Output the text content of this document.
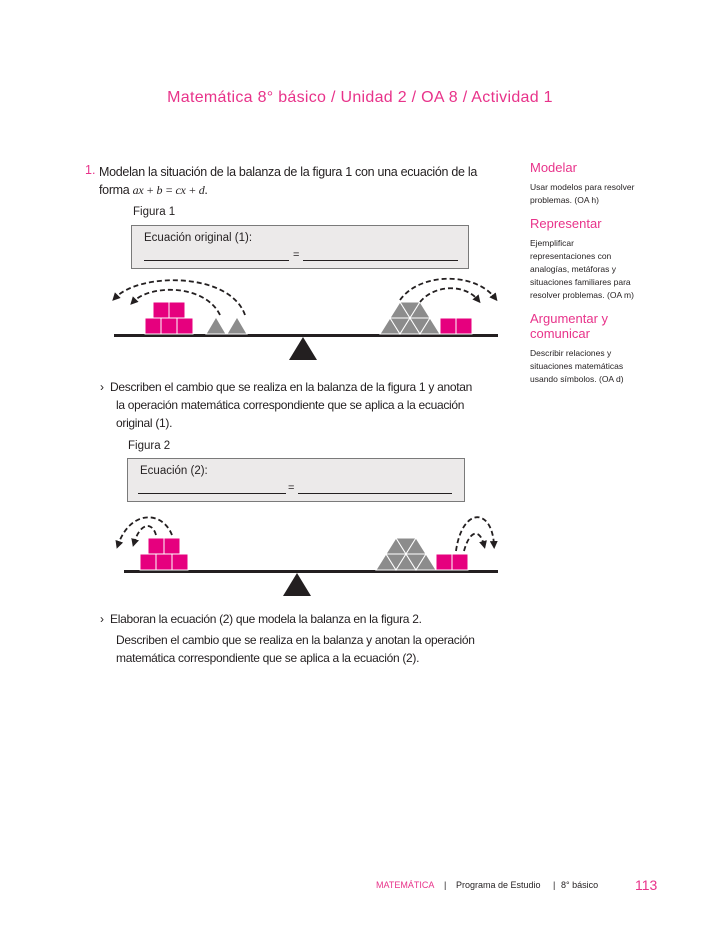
Matemática 8° básico / Unidad 2 / OA 8 / Actividad 1
1. Modelan la situación de la balanza de la figura 1 con una ecuación de la
forma ax + b = cx + d.
Figura 1
Ecuación original (1):
=
› Describen el cambio que se realiza en la balanza de la figura 1 y anotan
la operación matemática correspondiente que se aplica a la ecuación
original (1).
Figura 2
Ecuación (2):
=
› Elaboran la ecuación (2) que modela la balanza en la figura 2.
Describen el cambio que se realiza en la balanza y anotan la operación
matemática correspondiente que se aplica a la ecuación (2).
Modelar
Usar modelos para resolver
problemas. (OA h)
Representar
Ejemplificar
representaciones con
analogías, metáforas y
situaciones familiares para
resolver problemas. (OA m)
Argumentar y
comunicar
Describir relaciones y
situaciones matemáticas
usando símbolos. (OA d)
MATEMÁTICA | Programa de Estudio | 8° básico	113
